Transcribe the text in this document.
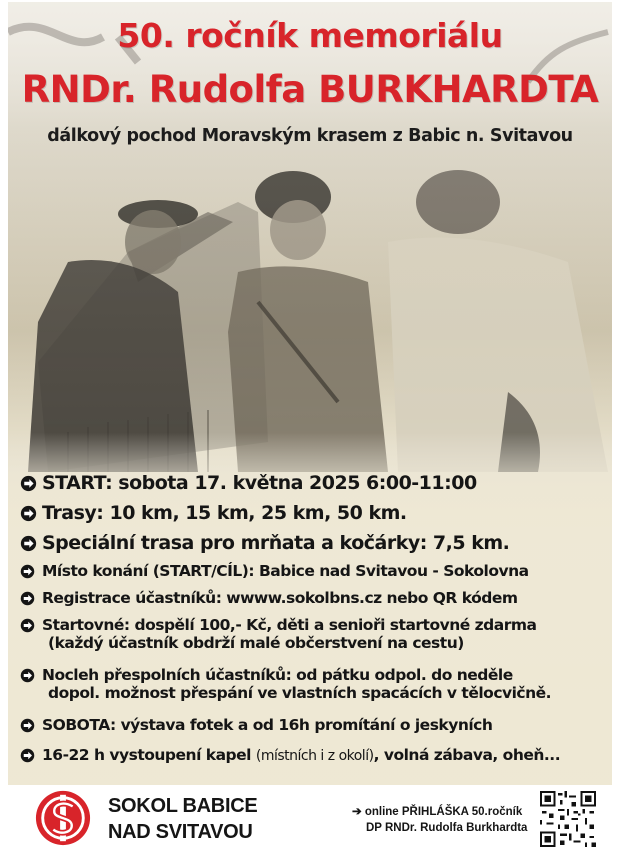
50. ročník memoriálu
RNDr. Rudolfa BURKHARDTA
dálkový pochod Moravským krasem z Babic n. Svitavou
START: sobota 17. května 2025 6:00-11:00
Trasy: 10 km, 15 km, 25 km, 50 km.
Speciální trasa pro mrňata a kočárky: 7,5 km.
Místo konání (START/CÍL): Babice nad Svitavou - Sokolovna
Registrace účastníků: wwww.sokolbns.cz nebo QR kódem
Startovné: dospělí 100,- Kč, děti a senioři startovné zdarma
(každý účastník obdrží malé občerstvení na cestu)
Nocleh přespolních účastníků: od pátku odpol. do neděle
dopol. možnost přespání ve vlastních spacácích v tělocvičně.
SOBOTA: výstava fotek a od 16h promítání o jeskyních
16-22 h vystoupení kapel (místních i z okolí), volná zábava, oheň...
SOKOL BABICE
NAD SVITAVOU
➔ online PŘIHLÁŠKA 50.ročník
DP RNDr. Rudolfa Burkhardta
